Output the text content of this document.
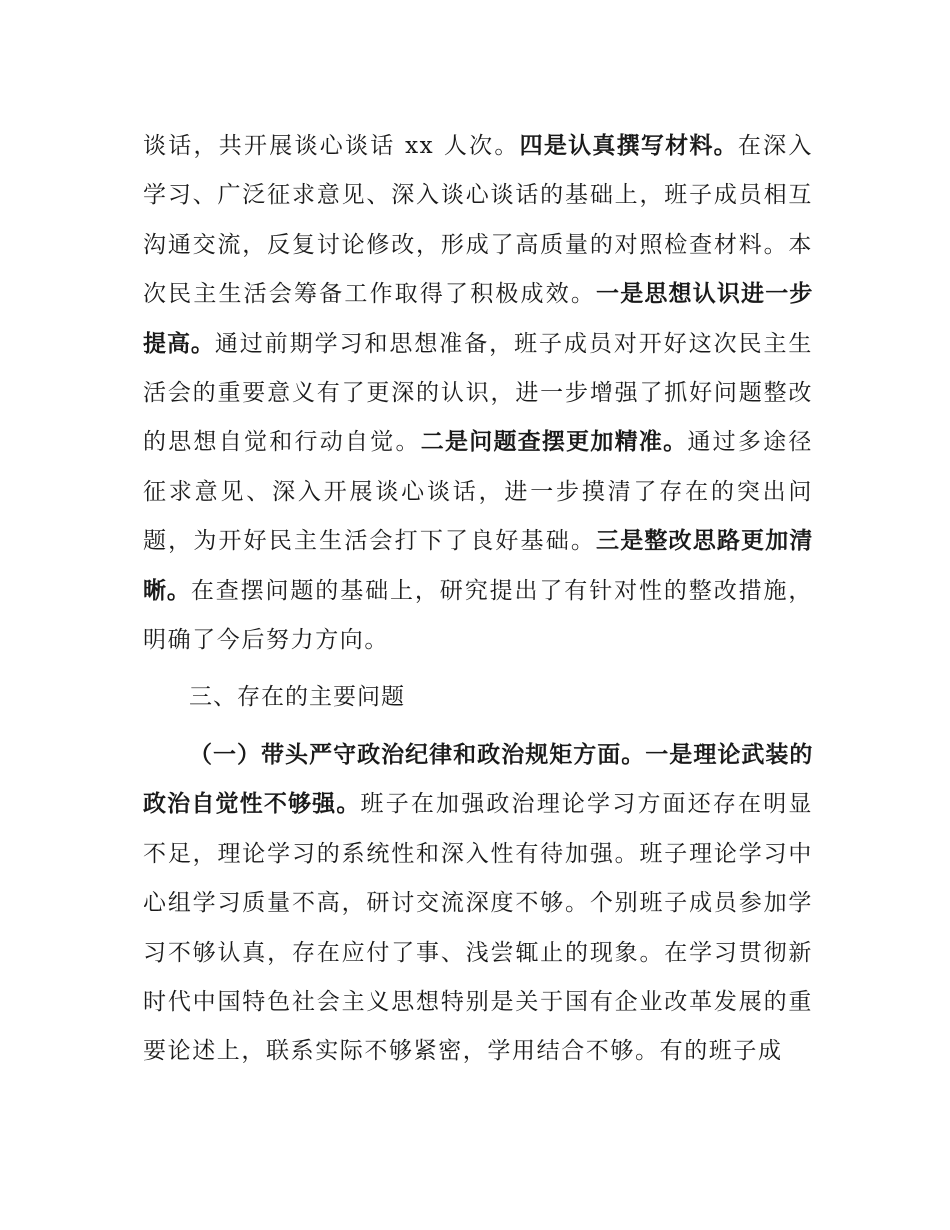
谈话，共开展谈心谈话 xx 人次。四是认真撰写材料。在深入学习、广泛征求意见、深入谈心谈话的基础上，班子成员相互沟通交流，反复讨论修改，形成了高质量的对照检查材料。本次民主生活会筹备工作取得了积极成效。一是思想认识进一步提高。通过前期学习和思想准备，班子成员对开好这次民主生活会的重要意义有了更深的认识，进一步增强了抓好问题整改的思想自觉和行动自觉。二是问题查摆更加精准。通过多途径征求意见、深入开展谈心谈话，进一步摸清了存在的突出问题，为开好民主生活会打下了良好基础。三是整改思路更加清晰。在查摆问题的基础上，研究提出了有针对性的整改措施，明确了今后努力方向。

三、存在的主要问题

（一）带头严守政治纪律和政治规矩方面。一是理论武装的政治自觉性不够强。班子在加强政治理论学习方面还存在明显不足，理论学习的系统性和深入性有待加强。班子理论学习中心组学习质量不高，研讨交流深度不够。个别班子成员参加学习不够认真，存在应付了事、浅尝辄止的现象。在学习贯彻新时代中国特色社会主义思想特别是关于国有企业改革发展的重要论述上，联系实际不够紧密，学用结合不够。有的班子成
